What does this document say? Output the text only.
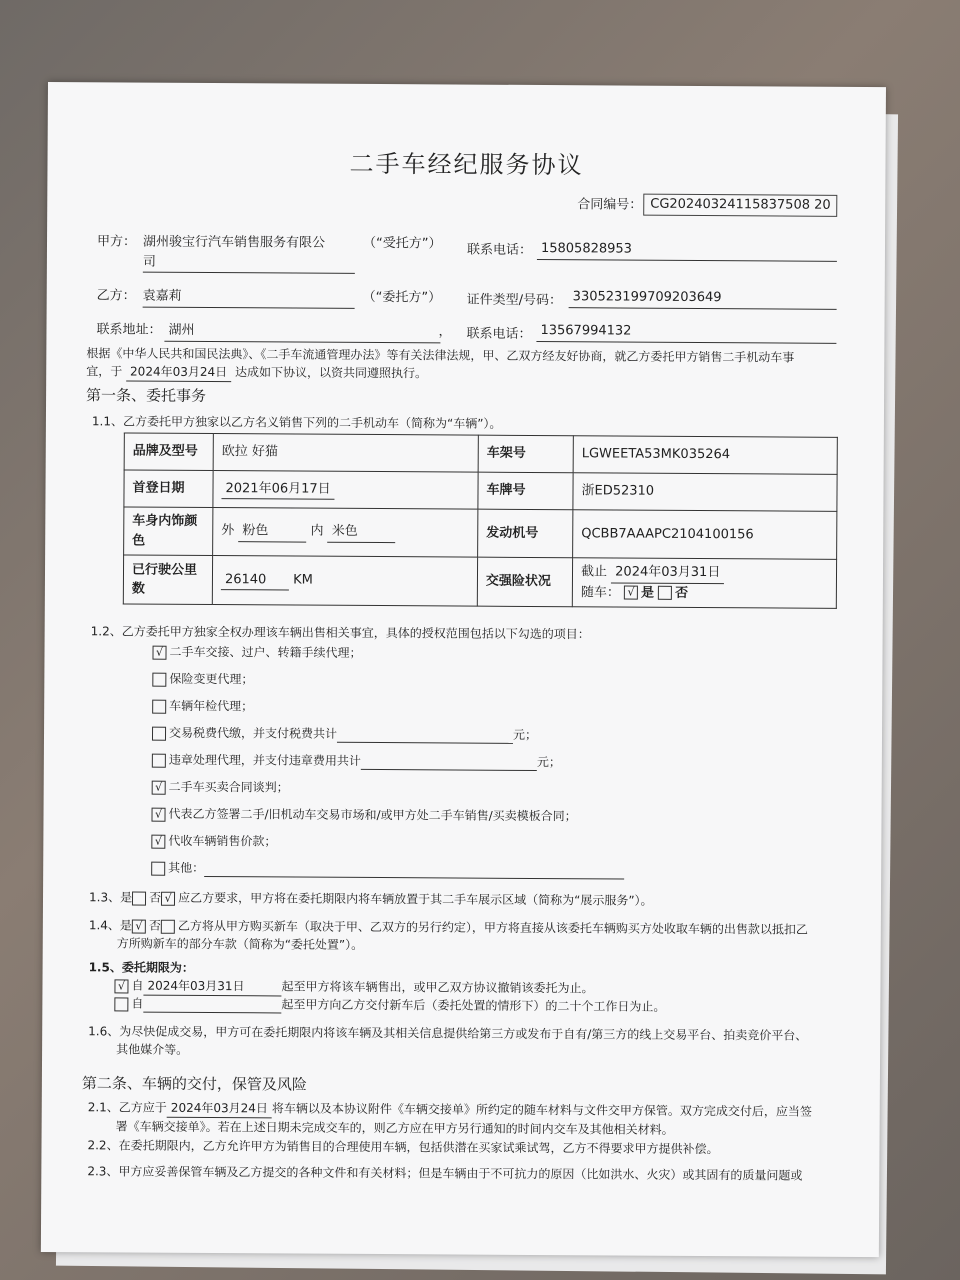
二手车经纪服务协议
合同编号： CG20240324115837508 20
甲方： 湖州骏宝行汽车销售服务有限公
司
（“受托方”） 联系电话： 15805828953
乙方： 袁嘉莉	（“委托方”） 证件类型/号码： 330523199709203649
联系地址： 湖州	， 联系电话： 13567994132
根据《中华人民共和国民法典》、《二手车流通管理办法》等有关法律法规，甲、乙双方经友好协商，就乙方委托甲方销售二手机动车事
宜，于 2024年03月24日 达成如下协议，以资共同遵照执行。
第一条、委托事务
1.1、乙方委托甲方独家以乙方名义销售下列的二手机动车（简称为“车辆”）。
品牌及型号	欧拉 好猫	车架号	LGWEETA53MK035264
首登日期	2021年06月17日	车牌号	浙ED52310
车身内饰颜色	外 粉色 内 米色	发动机号	QCBB7AAAPC2104100156
已行驶公里数	26140 KM	交强险状况	截止 2024年03月31日
随车： √ 是 否
1.2、乙方委托甲方独家全权办理该车辆出售相关事宜，具体的授权范围包括以下勾选的项目：
√ 二手车交接、过户、转籍手续代理；
保险变更代理；
车辆年检代理；
交易税费代缴，并支付税费共计	元；
违章处理代理，并支付违章费用共计	元；
√ 二手车买卖合同谈判；
√ 代表乙方签署二手/旧机动车交易市场和/或甲方处二手车销售/买卖模板合同；
√ 代收车辆销售价款；
其他：
1.3、是 否 √ 应乙方要求，甲方将在委托期限内将车辆放置于其二手车展示区域（简称为“展示服务”）。
1.4、是 √ 否 乙方将从甲方购买新车（取决于甲、乙双方的另行约定），甲方将直接从该委托车辆购买方处收取车辆的出售款以抵扣乙
方所购新车的部分车款（简称为“委托处置”）。
1.5、委托期限为：
√ 自 2024年03月31日	起至甲方将该车辆售出，或甲乙双方协议撤销该委托为止。
自	起至甲方向乙方交付新车后（委托处置的情形下）的二十个工作日为止。
1.6、为尽快促成交易，甲方可在委托期限内将该车辆及其相关信息提供给第三方或发布于自有/第三方的线上交易平台、拍卖竞价平台、
其他媒介等。
第二条、车辆的交付，保管及风险
2.1、乙方应于 2024年03月24日 将车辆以及本协议附件《车辆交接单》所约定的随车材料与文件交甲方保管。双方完成交付后，应当签
署《车辆交接单》。若在上述日期未完成交车的，则乙方应在甲方另行通知的时间内交车及其他相关材料。
2.2、在委托期限内，乙方允许甲方为销售目的合理使用车辆，包括供潜在买家试乘试驾，乙方不得要求甲方提供补偿。
2.3、甲方应妥善保管车辆及乙方提交的各种文件和有关材料；但是车辆由于不可抗力的原因（比如洪水、火灾）或其固有的质量问题或
